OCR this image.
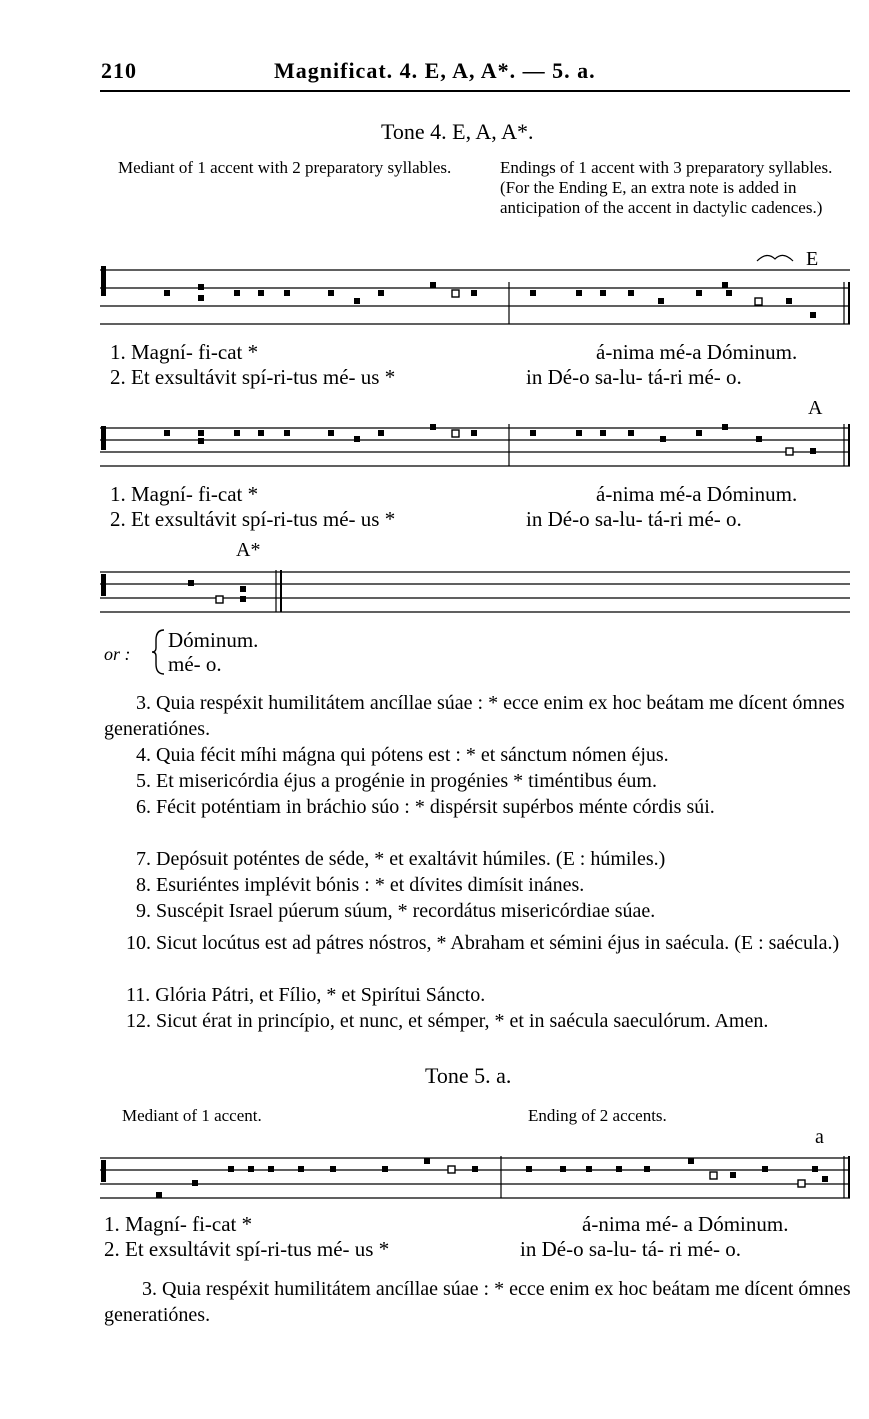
210	Magnificat. 4. E, A, A*. — 5. a.
Tone 4. E, A, A*.
Mediant of 1 accent with 2 preparatory syllables.	Endings of 1 accent with 3 preparatory syllables. (For the Ending E, an extra note is added in anticipation of the accent in dactylic cadences.)
E
1. Magní- fi-cat *	á-nima mé-a Dóminum.
2. Et exsultávit spí-ri-tus mé- us *	in Dé-o sa-lu- tá-ri mé- o.
A
1. Magní- fi-cat *	á-nima mé-a Dóminum.
2. Et exsultávit spí-ri-tus mé- us *	in Dé-o sa-lu- tá-ri mé- o.
A*
or :
Dóminum.
mé- o.
3. Quia respéxit humilitátem ancíllae súae : * ecce enim ex hoc beátam me dícent ómnes generatiónes.
4. Quia fécit míhi mágna qui pótens est : * et sánctum nómen éjus.
5. Et misericórdia éjus a progénie in progénies * timéntibus éum.
6. Fécit poténtiam in bráchio súo : * dispérsit supérbos ménte córdis súi.
7. Depósuit poténtes de séde, * et exaltávit húmiles. (E : húmiles.)
8. Esuriéntes implévit bónis : * et dívites dimísit inánes.
9. Suscépit Israel púerum súum, * recordátus misericórdiae súae.
10. Sicut locútus est ad pátres nóstros, * Abraham et sémini éjus in saécula. (E : saécula.)
11. Glória Pátri, et Fílio, * et Spirítui Sáncto.
12. Sicut érat in princípio, et nunc, et sémper, * et in saécula saeculórum. Amen.
Tone 5. a.
Mediant of 1 accent.	Ending of 2 accents.
a
1. Magní- fi-cat *	á-nima mé- a Dóminum.
2. Et exsultávit spí-ri-tus mé- us *	in Dé-o sa-lu- tá- ri mé- o.
3. Quia respéxit humilitátem ancíllae súae : * ecce enim ex hoc beátam me dícent ómnes generatiónes.
